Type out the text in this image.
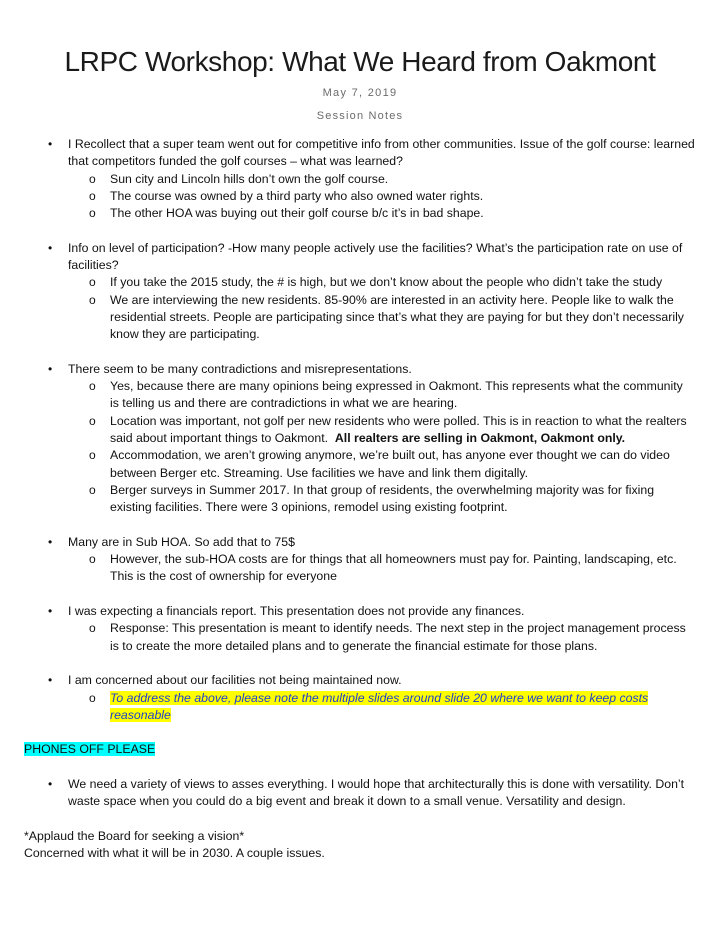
LRPC Workshop: What We Heard from Oakmont
May 7, 2019
Session Notes
• I Recollect that a super team went out for competitive info from other communities. Issue of the golf course: learned that competitors funded the golf courses – what was learned?
o Sun city and Lincoln hills don’t own the golf course.
o The course was owned by a third party who also owned water rights.
o The other HOA was buying out their golf course b/c it’s in bad shape.
• Info on level of participation? -How many people actively use the facilities? What’s the participation rate on use of facilities?
o If you take the 2015 study, the # is high, but we don’t know about the people who didn’t take the study
o We are interviewing the new residents. 85-90% are interested in an activity here. People like to walk the residential streets. People are participating since that’s what they are paying for but they don’t necessarily know they are participating.
• There seem to be many contradictions and misrepresentations.
o Yes, because there are many opinions being expressed in Oakmont. This represents what the community is telling us and there are contradictions in what we are hearing.
o Location was important, not golf per new residents who were polled. This is in reaction to what the realters said about important things to Oakmont.  All realters are selling in Oakmont, Oakmont only.
o Accommodation, we aren’t growing anymore, we’re built out, has anyone ever thought we can do video between Berger etc. Streaming. Use facilities we have and link them digitally.
o Berger surveys in Summer 2017. In that group of residents, the overwhelming majority was for fixing existing facilities. There were 3 opinions, remodel using existing footprint.
• Many are in Sub HOA. So add that to 75$
o However, the sub-HOA costs are for things that all homeowners must pay for. Painting, landscaping, etc. This is the cost of ownership for everyone
• I was expecting a financials report. This presentation does not provide any finances.
o Response: This presentation is meant to identify needs. The next step in the project management process is to create the more detailed plans and to generate the financial estimate for those plans.
• I am concerned about our facilities not being maintained now.
o To address the above, please note the multiple slides around slide 20 where we want to keep costs reasonable
PHONES OFF PLEASE
• We need a variety of views to asses everything. I would hope that architecturally this is done with versatility. Don’t waste space when you could do a big event and break it down to a small venue. Versatility and design.
*Applaud the Board for seeking a vision*
Concerned with what it will be in 2030. A couple issues.
